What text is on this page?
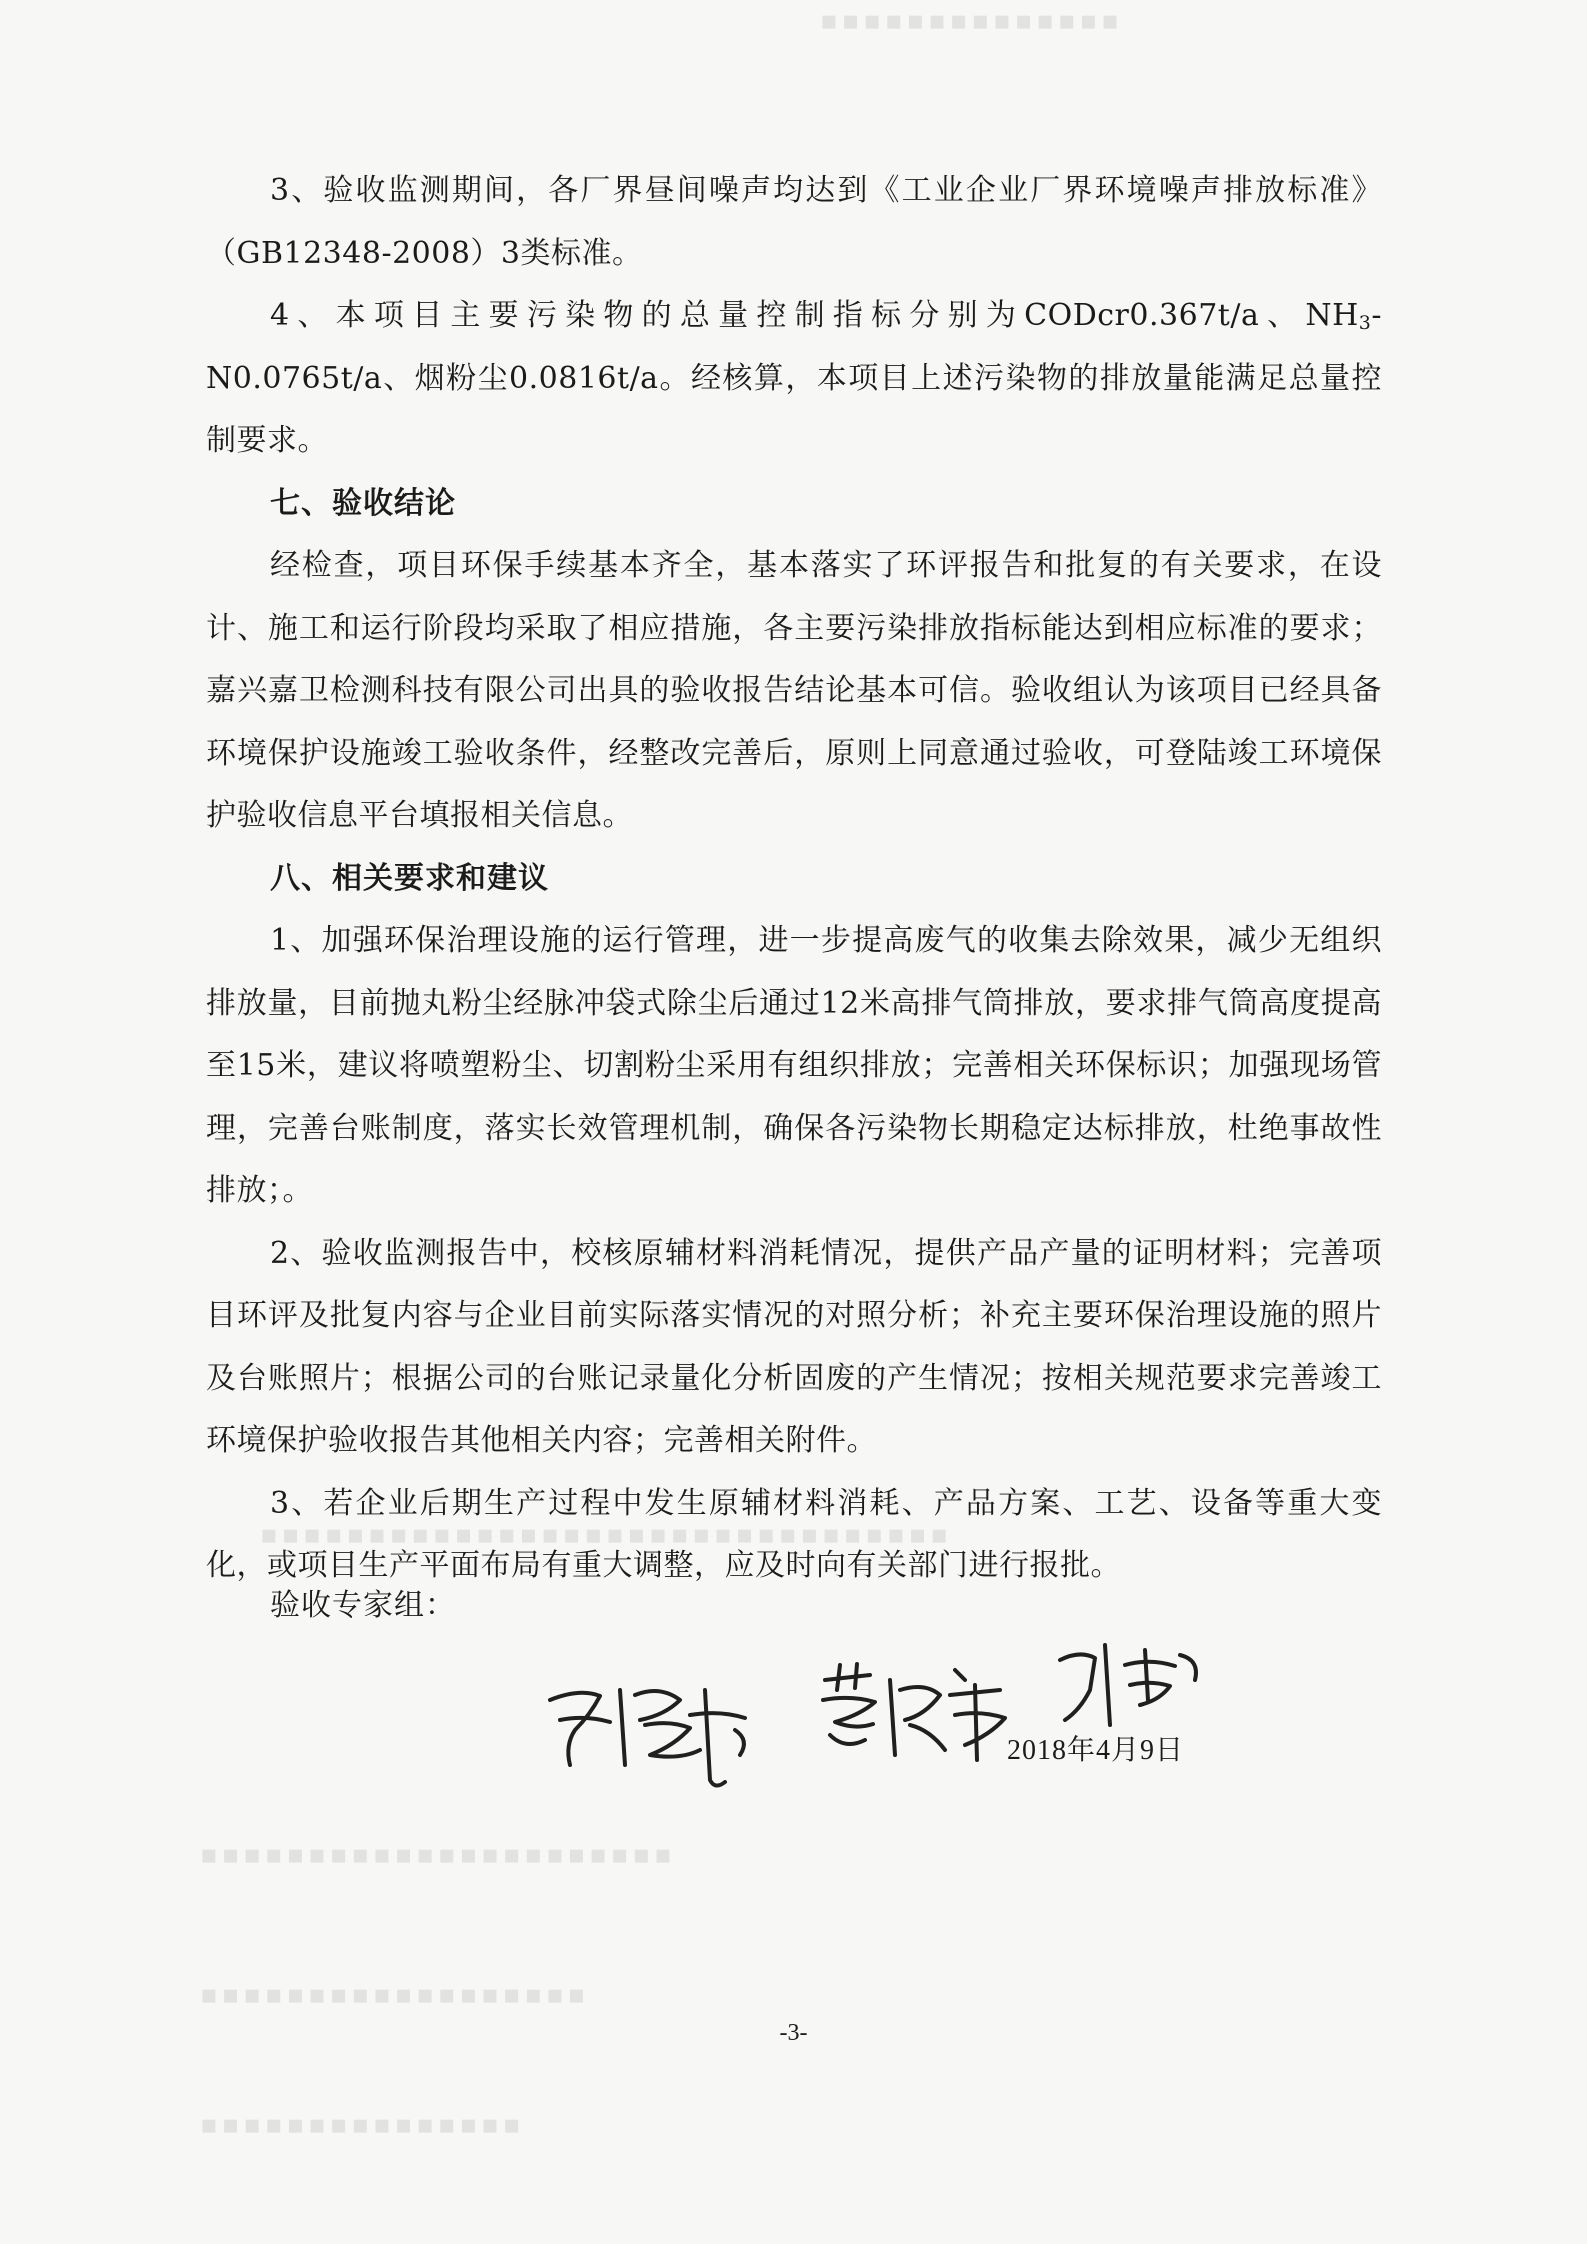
▪▪▪▪▪▪▪▪▪▪▪▪▪▪
▪▪▪▪▪▪▪▪▪▪▪▪▪▪▪▪▪▪▪▪▪▪▪▪▪▪▪▪▪▪▪▪
▪▪▪▪▪▪▪▪▪▪▪▪▪▪▪▪▪▪▪▪▪▪
▪▪▪▪▪▪▪▪▪▪▪▪▪▪▪▪▪▪
▪▪▪▪▪▪▪▪▪▪▪▪▪▪▪

3、验收监测期间，各厂界昼间噪声均达到《工业企业厂界环境噪声排放标准》（GB12348-2008）3类标准。

4、本项目主要污染物的总量控制指标分别为CODcr0.367t/a、$NH_3-N0.0765t/a$、烟粉尘0.0816t/a。经核算，本项目上述污染物的排放量能满足总量控制要求。

七、验收结论

经检查，项目环保手续基本齐全，基本落实了环评报告和批复的有关要求，在设计、施工和运行阶段均采取了相应措施，各主要污染排放指标能达到相应标准的要求；嘉兴嘉卫检测科技有限公司出具的验收报告结论基本可信。验收组认为该项目已经具备环境保护设施竣工验收条件，经整改完善后，原则上同意通过验收，可登陆竣工环境保护验收信息平台填报相关信息。

八、相关要求和建议

1、加强环保治理设施的运行管理，进一步提高废气的收集去除效果，减少无组织排放量，目前抛丸粉尘经脉冲袋式除尘后通过12米高排气筒排放，要求排气筒高度提高至15米，建议将喷塑粉尘、切割粉尘采用有组织排放；完善相关环保标识；加强现场管理，完善台账制度，落实长效管理机制，确保各污染物长期稳定达标排放，杜绝事故性排放；。

2、验收监测报告中，校核原辅材料消耗情况，提供产品产量的证明材料；完善项目环评及批复内容与企业目前实际落实情况的对照分析；补充主要环保治理设施的照片及台账照片；根据公司的台账记录量化分析固废的产生情况；按相关规范要求完善竣工环境保护验收报告其他相关内容；完善相关附件。

3、若企业后期生产过程中发生原辅材料消耗、产品方案、工艺、设备等重大变化，或项目生产平面布局有重大调整，应及时向有关部门进行报批。

验收专家组：
2018年4月9日
-3-
